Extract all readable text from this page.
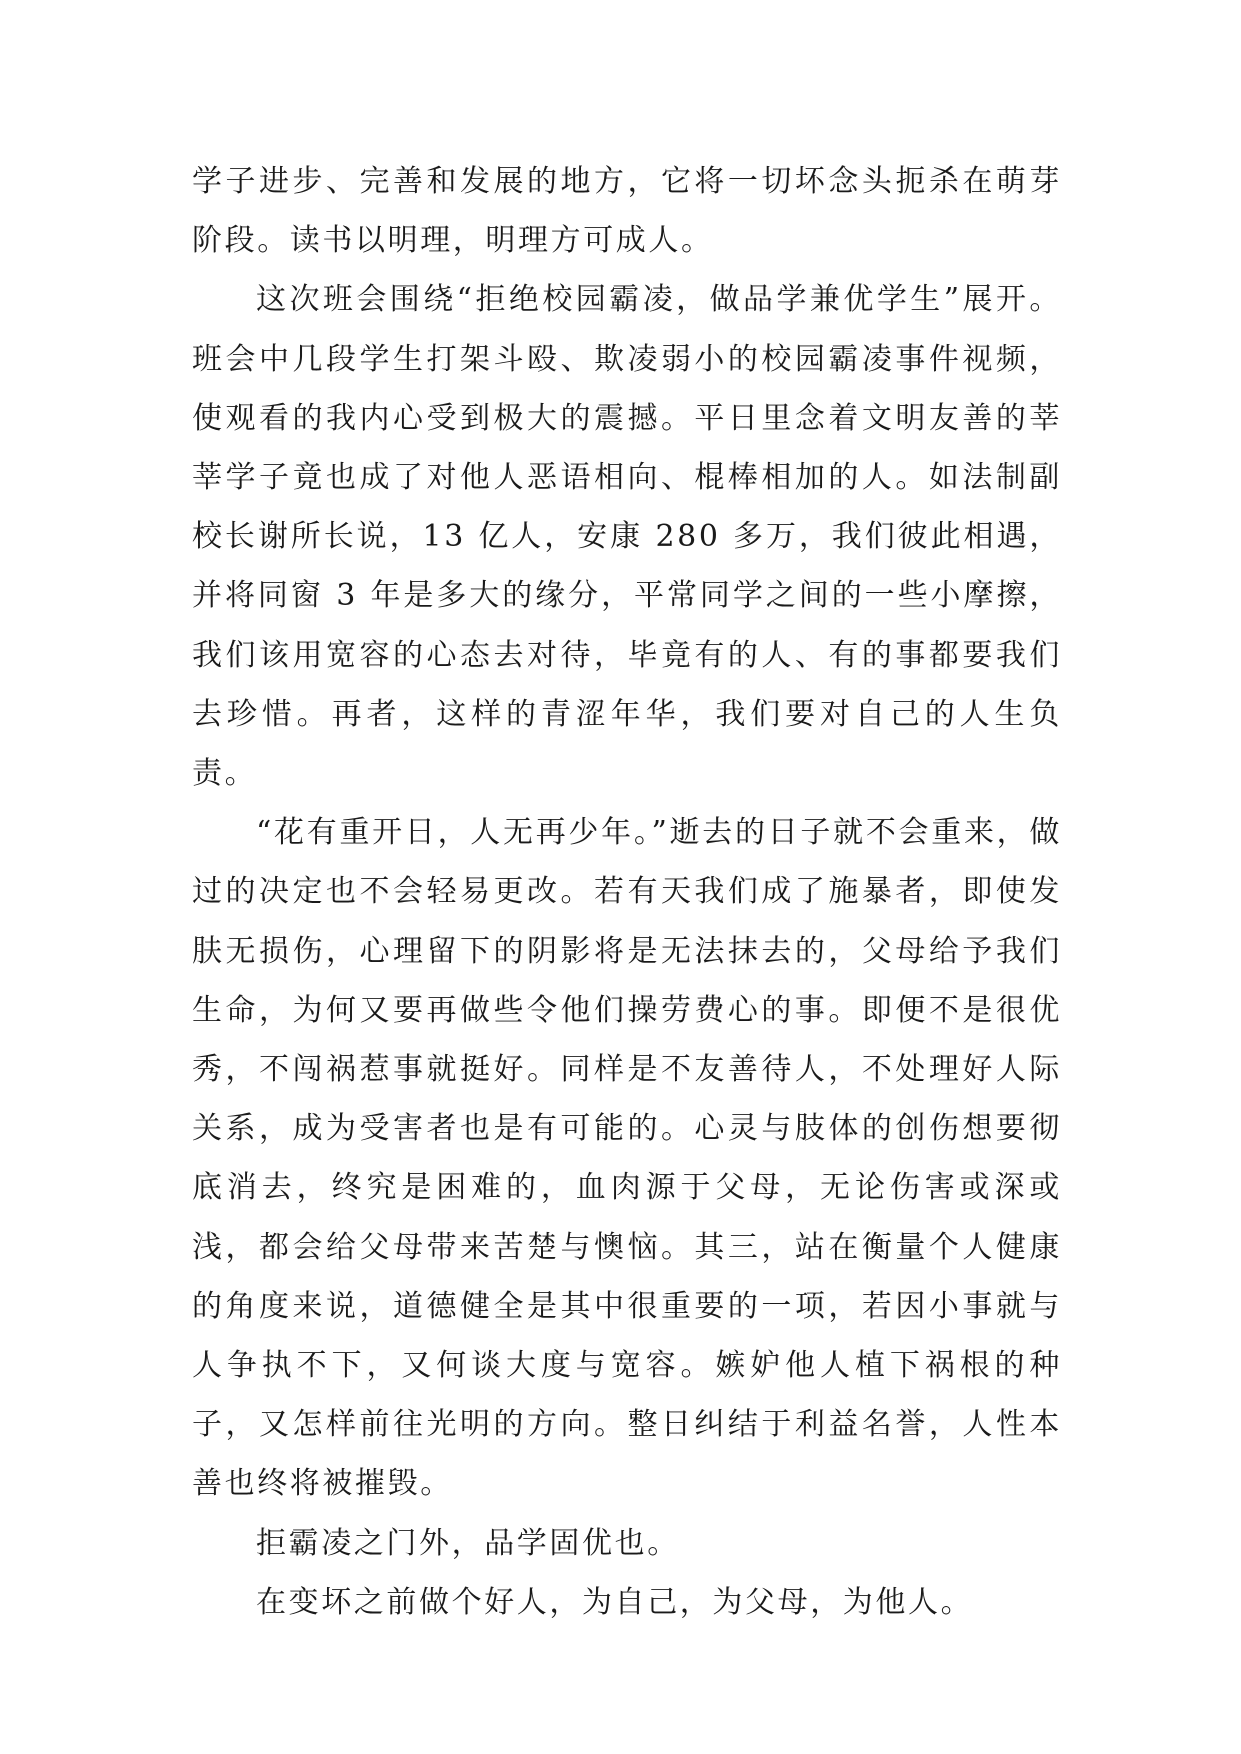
学子进步、完善和发展的地方，它将一切坏念头扼杀在萌芽阶段。读书以明理，明理方可成人。

这次班会围绕“拒绝校园霸凌，做品学兼优学生”展开。班会中几段学生打架斗殴、欺凌弱小的校园霸凌事件视频，使观看的我内心受到极大的震撼。平日里念着文明友善的莘莘学子竟也成了对他人恶语相向、棍棒相加的人。如法制副校长谢所长说，13 亿人，安康 280 多万，我们彼此相遇，并将同窗 3 年是多大的缘分，平常同学之间的一些小摩擦，我们该用宽容的心态去对待，毕竟有的人、有的事都要我们去珍惜。再者，这样的青涩年华，我们要对自己的人生负责。

“花有重开日，人无再少年。”逝去的日子就不会重来，做过的决定也不会轻易更改。若有天我们成了施暴者，即使发肤无损伤，心理留下的阴影将是无法抹去的，父母给予我们生命，为何又要再做些令他们操劳费心的事。即便不是很优秀，不闯祸惹事就挺好。同样是不友善待人，不处理好人际关系，成为受害者也是有可能的。心灵与肢体的创伤想要彻底消去，终究是困难的，血肉源于父母，无论伤害或深或浅，都会给父母带来苦楚与懊恼。其三，站在衡量个人健康的角度来说，道德健全是其中很重要的一项，若因小事就与人争执不下，又何谈大度与宽容。嫉妒他人植下祸根的种子，又怎样前往光明的方向。整日纠结于利益名誉，人性本善也终将被摧毁。

拒霸凌之门外，品学固优也。

在变坏之前做个好人，为自己，为父母，为他人。
